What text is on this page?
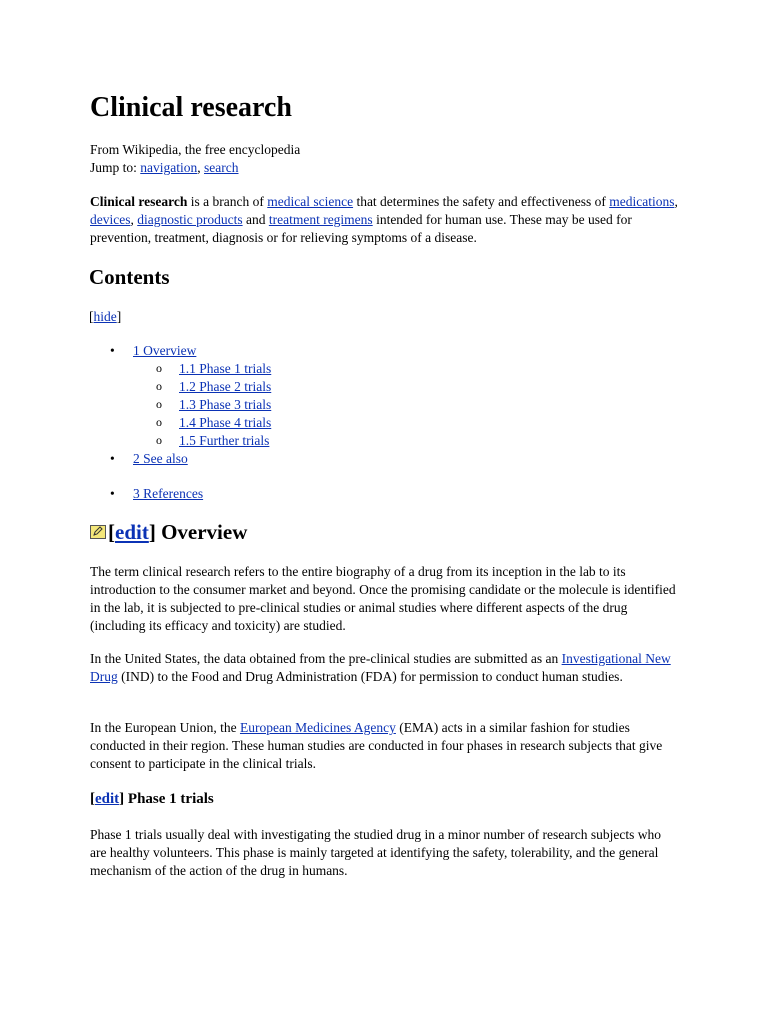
Clinical research

From Wikipedia, the free encyclopedia

Jump to: navigation, search

Clinical research is a branch of medical science that determines the safety and effectiveness of medications, devices, diagnostic products and treatment regimens intended for human use. These may be used for prevention, treatment, diagnosis or for relieving symptoms of a disease.

Contents

[hide]

• 1 Overview
o 1.1 Phase 1 trials
o 1.2 Phase 2 trials
o 1.3 Phase 3 trials
o 1.4 Phase 4 trials
o 1.5 Further trials
• 2 See also
• 3 References
[edit] Overview

The term clinical research refers to the entire biography of a drug from its inception in the lab to its introduction to the consumer market and beyond. Once the promising candidate or the molecule is identified in the lab, it is subjected to pre-clinical studies or animal studies where different aspects of the drug (including its efficacy and toxicity) are studied.

In the United States, the data obtained from the pre-clinical studies are submitted as an Investigational New Drug (IND) to the Food and Drug Administration (FDA) for permission to conduct human studies.

In the European Union, the European Medicines Agency (EMA) acts in a similar fashion for studies conducted in their region. These human studies are conducted in four phases in research subjects that give consent to participate in the clinical trials.

[edit] Phase 1 trials

Phase 1 trials usually deal with investigating the studied drug in a minor number of research subjects who are healthy volunteers. This phase is mainly targeted at identifying the safety, tolerability, and the general mechanism of the action of the drug in humans.
